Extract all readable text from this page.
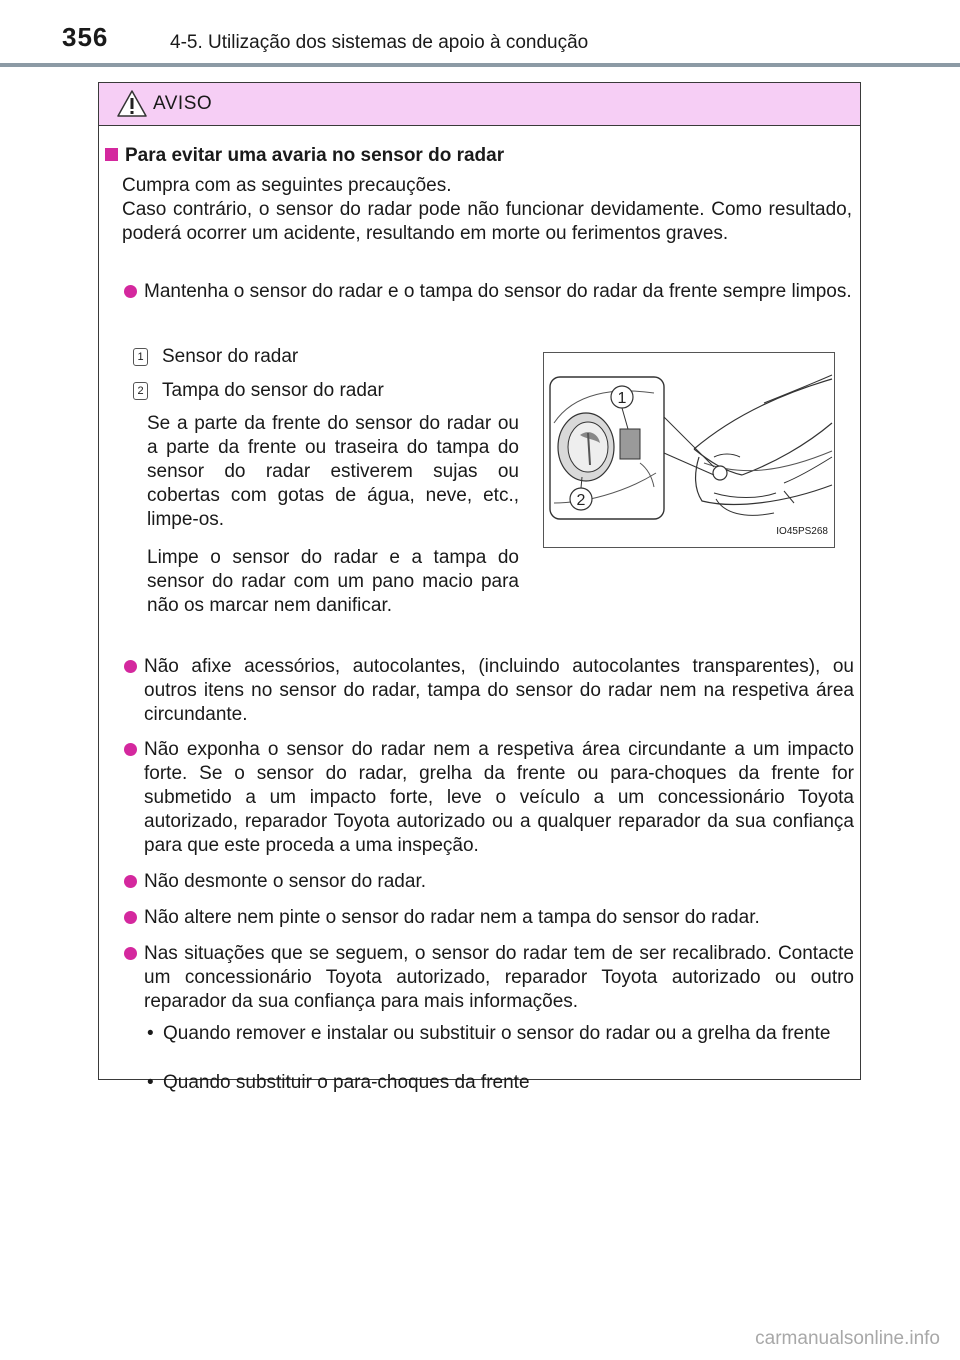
356	4-5. Utilização dos sistemas de apoio à condução
AVISO
Para evitar uma avaria no sensor do radar

Cumpra com as seguintes precauções.

Caso contrário, o sensor do radar pode não funcionar devidamente. Como resultado, poderá ocorrer um acidente, resultando em morte ou ferimentos graves.

Mantenha o sensor do radar e o tampa do sensor do radar da frente sempre limpos.
1 Sensor do radar
2 Tampa do sensor do radar
Se a parte da frente do sensor do radar ou a parte da frente ou traseira do tampa do sensor do radar estiverem sujas ou cobertas com gotas de água, neve, etc., limpe-os.
Limpe o sensor do radar e a tampa do sensor do radar com um pano macio para não os marcar nem danificar.
1
2
IO45PS268
Não afixe acessórios, autocolantes, (incluindo autocolantes transparentes), ou outros itens no sensor do radar, tampa do sensor do radar nem na respetiva área circundante.
Não exponha o sensor do radar nem a respetiva área circundante a um impacto forte. Se o sensor do radar, grelha da frente ou para-choques da frente for submetido a um impacto forte, leve o veículo a um concessionário Toyota autorizado, reparador Toyota autorizado ou a qualquer reparador da sua confiança para que este proceda a uma inspeção.
Não desmonte o sensor do radar.
Não altere nem pinte o sensor do radar nem a tampa do sensor do radar.
Nas situações que se seguem, o sensor do radar tem de ser recalibrado. Contacte um concessionário Toyota autorizado, reparador Toyota autorizado ou outro reparador da sua confiança para mais informações.
• Quando remover e instalar ou substituir o sensor do radar ou a grelha da frente
• Quando substituir o para-choques da frente
carmanualsonline.info
